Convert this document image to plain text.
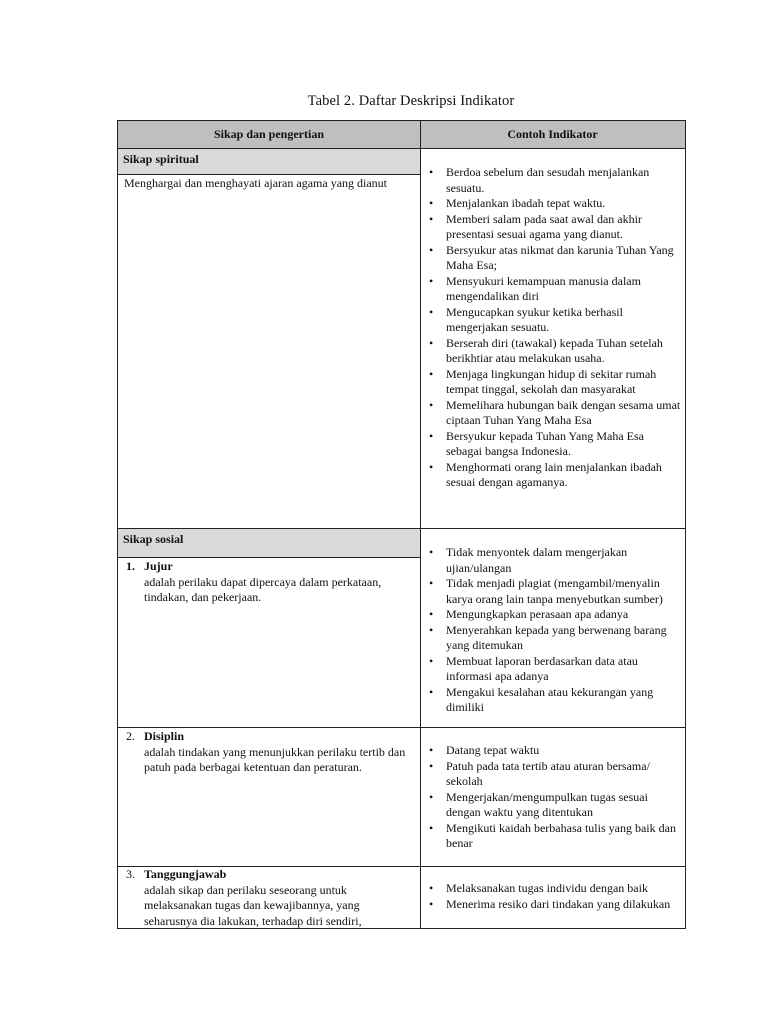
Tabel 2. Daftar Deskripsi Indikator
Sikap dan pengertian	Contoh Indikator
Sikap spiritual
Menghargai dan menghayati ajaran agama yang dianut
• Berdoa sebelum dan sesudah menjalankan sesuatu.
• Menjalankan ibadah tepat waktu.
• Memberi salam pada saat awal dan akhir presentasi sesuai agama yang dianut.
• Bersyukur atas nikmat dan karunia Tuhan Yang Maha Esa;
• Mensyukuri kemampuan manusia dalam mengendalikan diri
• Mengucapkan syukur ketika berhasil mengerjakan sesuatu.
• Berserah diri (tawakal) kepada Tuhan setelah berikhtiar atau melakukan usaha.
• Menjaga lingkungan hidup di sekitar rumah tempat tinggal, sekolah dan masyarakat
• Memelihara hubungan baik dengan sesama umat ciptaan Tuhan Yang Maha Esa
• Bersyukur kepada Tuhan Yang Maha Esa sebagai bangsa Indonesia.
• Menghormati orang lain menjalankan ibadah sesuai dengan agamanya.
Sikap sosial
1. Jujur
adalah perilaku dapat dipercaya dalam perkataan, tindakan, dan pekerjaan.
• Tidak menyontek dalam mengerjakan ujian/ulangan
• Tidak menjadi plagiat (mengambil/menyalin karya orang lain tanpa menyebutkan sumber)
• Mengungkapkan perasaan apa adanya
• Menyerahkan kepada yang berwenang barang yang ditemukan
• Membuat laporan berdasarkan data atau informasi apa adanya
• Mengakui kesalahan atau kekurangan yang dimiliki
2. Disiplin
adalah tindakan yang menunjukkan perilaku tertib dan patuh pada berbagai ketentuan dan peraturan.
• Datang tepat waktu
• Patuh pada tata tertib atau aturan bersama/ sekolah
• Mengerjakan/mengumpulkan tugas sesuai dengan waktu yang ditentukan
• Mengikuti kaidah berbahasa tulis yang baik dan benar
3. Tanggungjawab
adalah sikap dan perilaku seseorang untuk melaksanakan tugas dan kewajibannya, yang seharusnya dia lakukan, terhadap diri sendiri,
• Melaksanakan tugas individu dengan baik
• Menerima resiko dari tindakan yang dilakukan
